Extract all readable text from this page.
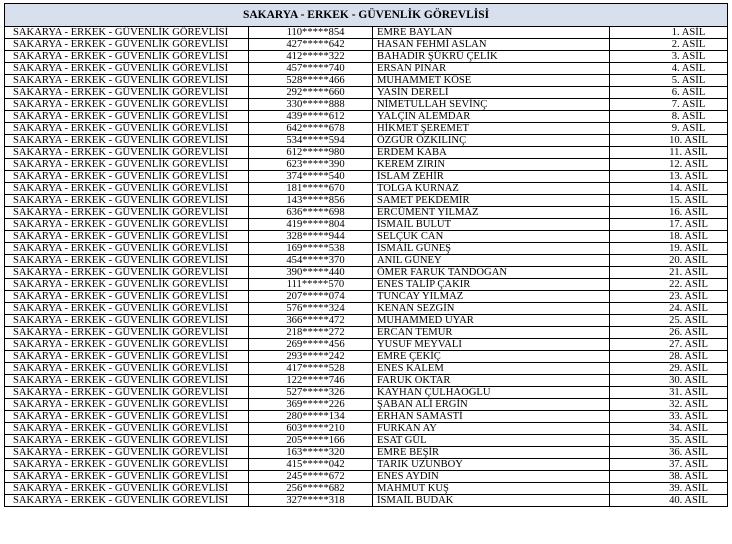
SAKARYA - ERKEK - GÜVENLİK GÖREVLİSİ			
SAKARYA - ERKEK - GÜVENLİK GÖREVLİSİ	110*****854	EMRE BAYLAN	1. ASİL
SAKARYA - ERKEK - GÜVENLİK GÖREVLİSİ	427*****642	HASAN FEHMİ ASLAN	2. ASİL
SAKARYA - ERKEK - GÜVENLİK GÖREVLİSİ	412*****322	BAHADIR ŞÜKRÜ ÇELİK	3. ASİL
SAKARYA - ERKEK - GÜVENLİK GÖREVLİSİ	457*****740	ERSAN PINAR	4. ASİL
SAKARYA - ERKEK - GÜVENLİK GÖREVLİSİ	528*****466	MUHAMMET KÖSE	5. ASİL
SAKARYA - ERKEK - GÜVENLİK GÖREVLİSİ	292*****660	YASİN DERELİ	6. ASİL
SAKARYA - ERKEK - GÜVENLİK GÖREVLİSİ	330*****888	NİMETULLAH SEVİNÇ	7. ASİL
SAKARYA - ERKEK - GÜVENLİK GÖREVLİSİ	439*****612	YALÇIN ALEMDAR	8. ASİL
SAKARYA - ERKEK - GÜVENLİK GÖREVLİSİ	642*****678	HİKMET ŞEREMET	9. ASİL
SAKARYA - ERKEK - GÜVENLİK GÖREVLİSİ	534*****594	ÖZGÜR ÖZKILINÇ	10. ASİL
SAKARYA - ERKEK - GÜVENLİK GÖREVLİSİ	612*****980	ERDEM KABA	11. ASİL
SAKARYA - ERKEK - GÜVENLİK GÖREVLİSİ	623*****390	KEREM ZIRIN	12. ASİL
SAKARYA - ERKEK - GÜVENLİK GÖREVLİSİ	374*****540	İSLAM ZEHİR	13. ASİL
SAKARYA - ERKEK - GÜVENLİK GÖREVLİSİ	181*****670	TOLGA KURNAZ	14. ASİL
SAKARYA - ERKEK - GÜVENLİK GÖREVLİSİ	143*****856	SAMET PEKDEMİR	15. ASİL
SAKARYA - ERKEK - GÜVENLİK GÖREVLİSİ	636*****698	ERCÜMENT YILMAZ	16. ASİL
SAKARYA - ERKEK - GÜVENLİK GÖREVLİSİ	419*****804	İSMAİL BULUT	17. ASİL
SAKARYA - ERKEK - GÜVENLİK GÖREVLİSİ	328*****944	SELÇUK CAN	18. ASİL
SAKARYA - ERKEK - GÜVENLİK GÖREVLİSİ	169*****538	İSMAİL GÜNEŞ	19. ASİL
SAKARYA - ERKEK - GÜVENLİK GÖREVLİSİ	454*****370	ANIL GÜNEY	20. ASİL
SAKARYA - ERKEK - GÜVENLİK GÖREVLİSİ	390*****440	ÖMER FARUK TANDOĞAN	21. ASİL
SAKARYA - ERKEK - GÜVENLİK GÖREVLİSİ	111*****570	ENES TALİP ÇAKIR	22. ASİL
SAKARYA - ERKEK - GÜVENLİK GÖREVLİSİ	207*****074	TUNCAY YILMAZ	23. ASİL
SAKARYA - ERKEK - GÜVENLİK GÖREVLİSİ	576*****324	KENAN SEZGİN	24. ASİL
SAKARYA - ERKEK - GÜVENLİK GÖREVLİSİ	366*****472	MUHAMMED UYAR	25. ASİL
SAKARYA - ERKEK - GÜVENLİK GÖREVLİSİ	218*****272	ERCAN TEMUR	26. ASİL
SAKARYA - ERKEK - GÜVENLİK GÖREVLİSİ	269*****456	YUSUF MEYVALI	27. ASİL
SAKARYA - ERKEK - GÜVENLİK GÖREVLİSİ	293*****242	EMRE ÇEKİÇ	28. ASİL
SAKARYA - ERKEK - GÜVENLİK GÖREVLİSİ	417*****528	ENES KALEM	29. ASİL
SAKARYA - ERKEK - GÜVENLİK GÖREVLİSİ	122*****746	FARUK OKTAR	30. ASİL
SAKARYA - ERKEK - GÜVENLİK GÖREVLİSİ	527*****326	KAYHAN ÇULHAOĞLU	31. ASİL
SAKARYA - ERKEK - GÜVENLİK GÖREVLİSİ	369*****226	ŞABAN ALİ ERGİN	32. ASİL
SAKARYA - ERKEK - GÜVENLİK GÖREVLİSİ	280*****134	ERHAN SAMASTİ	33. ASİL
SAKARYA - ERKEK - GÜVENLİK GÖREVLİSİ	603*****210	FURKAN AY	34. ASİL
SAKARYA - ERKEK - GÜVENLİK GÖREVLİSİ	205*****166	ESAT GÜL	35. ASİL
SAKARYA - ERKEK - GÜVENLİK GÖREVLİSİ	163*****320	EMRE BEŞİR	36. ASİL
SAKARYA - ERKEK - GÜVENLİK GÖREVLİSİ	415*****042	TARIK UZUNBOY	37. ASİL
SAKARYA - ERKEK - GÜVENLİK GÖREVLİSİ	245*****672	ENES AYDIN	38. ASİL
SAKARYA - ERKEK - GÜVENLİK GÖREVLİSİ	256*****682	MAHMUT KUŞ	39. ASİL
SAKARYA - ERKEK - GÜVENLİK GÖREVLİSİ	327*****318	İSMAİL BUDAK	40. ASİL
